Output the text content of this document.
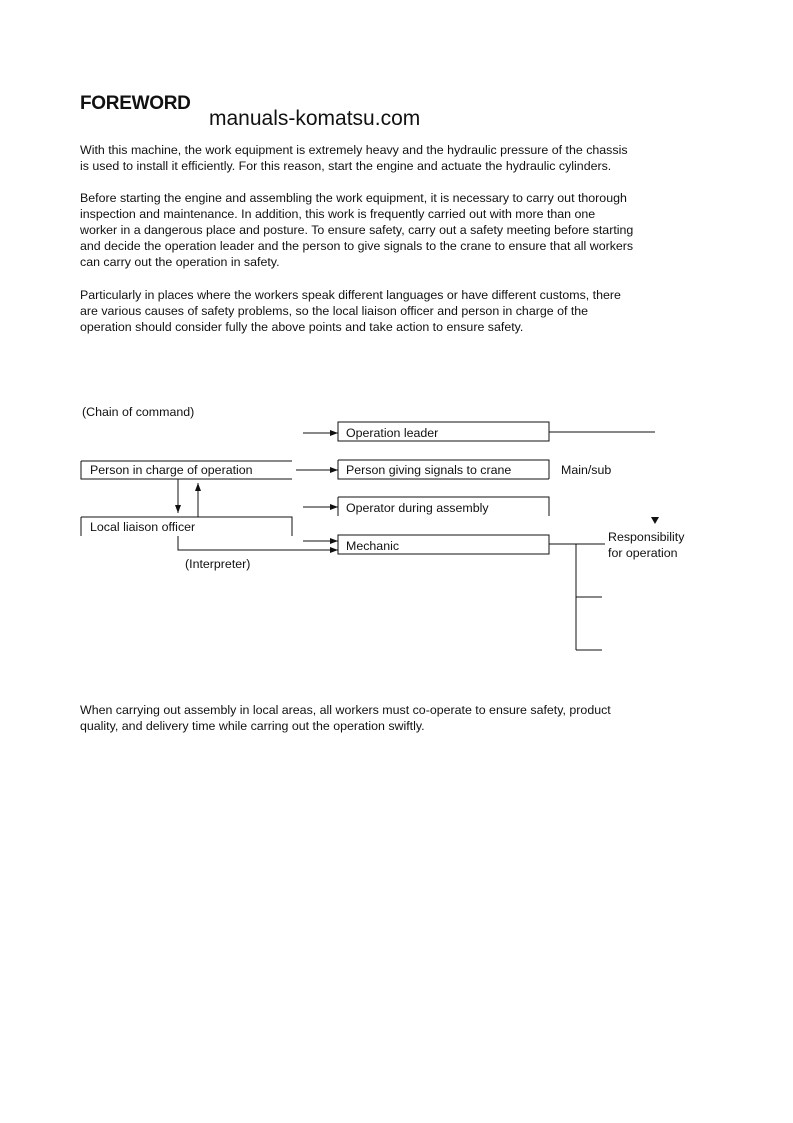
FOREWORD
manuals-komatsu.com
With this machine, the work equipment is extremely heavy and the hydraulic pressure of the chassis
is used to install it efficiently. For this reason, start the engine and actuate the hydraulic cylinders.
Before starting the engine and assembling the work equipment, it is necessary to carry out thorough
inspection and maintenance. In addition, this work is frequently carried out with more than one
worker in a dangerous place and posture. To ensure safety, carry out a safety meeting before starting
and decide the operation leader and the person to give signals to the crane to ensure that all workers
can carry out the operation in safety.
Particularly in places where the workers speak different languages or have different customs, there
are various causes of safety problems, so the local liaison officer and person in charge of the
operation should consider fully the above points and take action to ensure safety.
(Chain of command)
Person in charge of operation
Local liaison officer
(Interpreter)
Operation leader
Person giving signals to crane	Main/sub
Operator during assembly
Mechanic
Responsibility
for operation
When carrying out assembly in local areas, all workers must co-operate to ensure safety, product
quality, and delivery time while carring out the operation swiftly.
